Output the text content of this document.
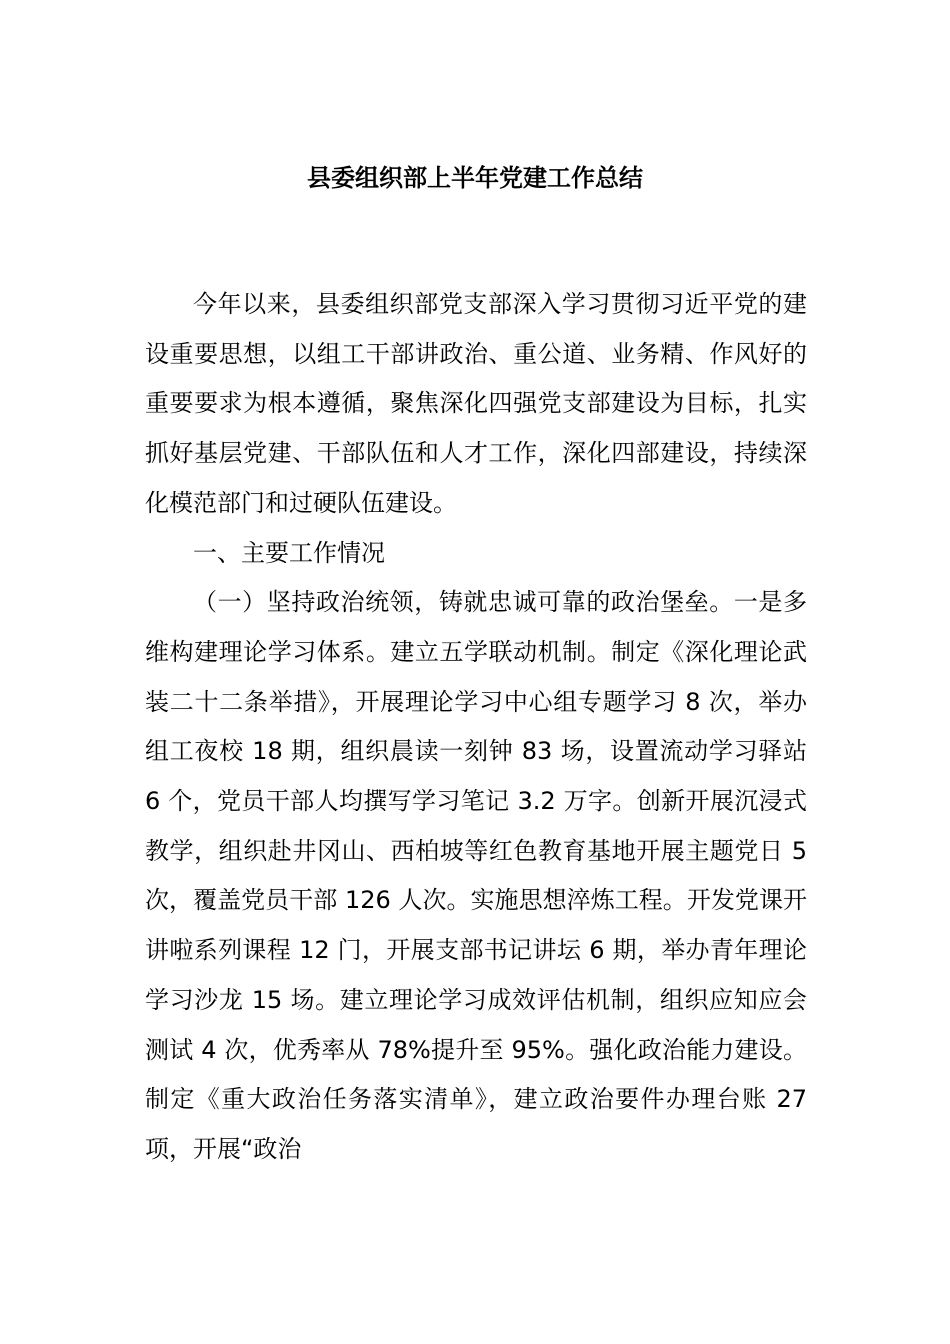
县委组织部上半年党建工作总结

今年以来，县委组织部党支部深入学习贯彻习近平党的建设重要思想，以组工干部讲政治、重公道、业务精、作风好的重要要求为根本遵循，聚焦深化四强党支部建设为目标，扎实抓好基层党建、干部队伍和人才工作，深化四部建设，持续深化模范部门和过硬队伍建设。

一、主要工作情况

（一）坚持政治统领，铸就忠诚可靠的政治堡垒。一是多维构建理论学习体系。建立五学联动机制。制定《深化理论武装二十二条举措》，开展理论学习中心组专题学习 8 次，举办组工夜校 18 期，组织晨读一刻钟 83 场，设置流动学习驿站 6 个，党员干部人均撰写学习笔记 3.2 万字。创新开展沉浸式教学，组织赴井冈山、西柏坡等红色教育基地开展主题党日 5 次，覆盖党员干部 126 人次。实施思想淬炼工程。开发党课开讲啦系列课程 12 门，开展支部书记讲坛 6 期，举办青年理论学习沙龙 15 场。建立理论学习成效评估机制，组织应知应会测试 4 次，优秀率从 78%提升至 95%。强化政治能力建设。制定《重大政治任务落实清单》，建立政治要件办理台账 27 项，开展“政治
